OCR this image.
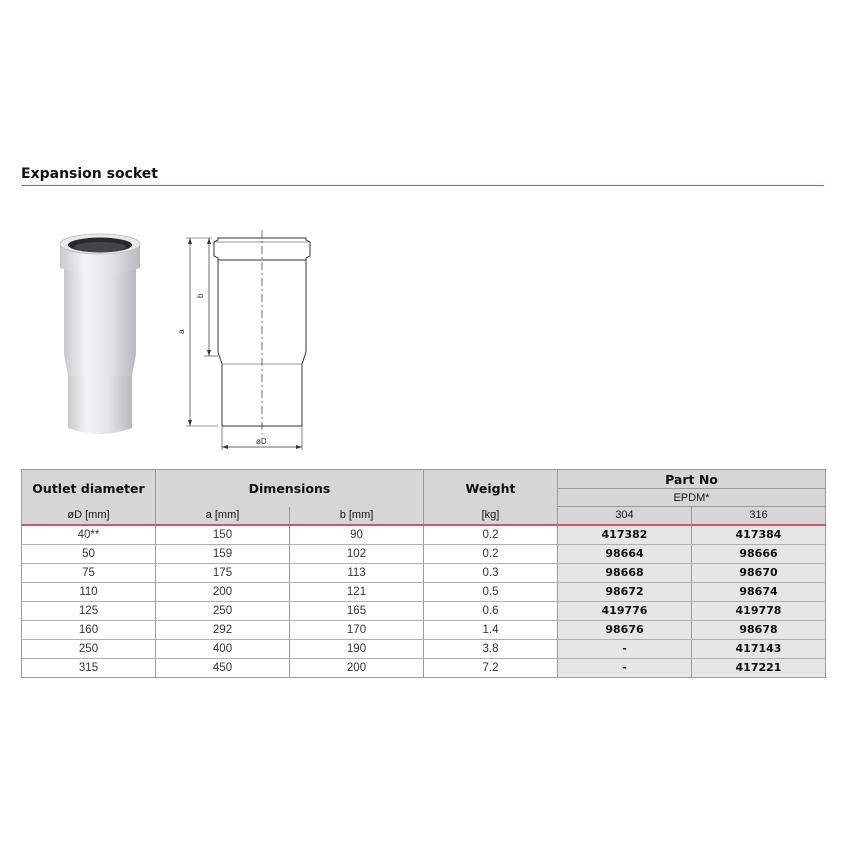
Expansion socket
a
b
øD
Outlet diameter	Dimensions		Weight	Part No	
				EPDM*	
øD [mm]	a [mm]	b [mm]	[kg]	304	316
40**	150	90	0.2	417382	417384
50	159	102	0.2	98664	98666
75	175	113	0.3	98668	98670
110	200	121	0.5	98672	98674
125	250	165	0.6	419776	419778
160	292	170	1.4	98676	98678
250	400	190	3.8	-	417143
315	450	200	7.2	-	417221
